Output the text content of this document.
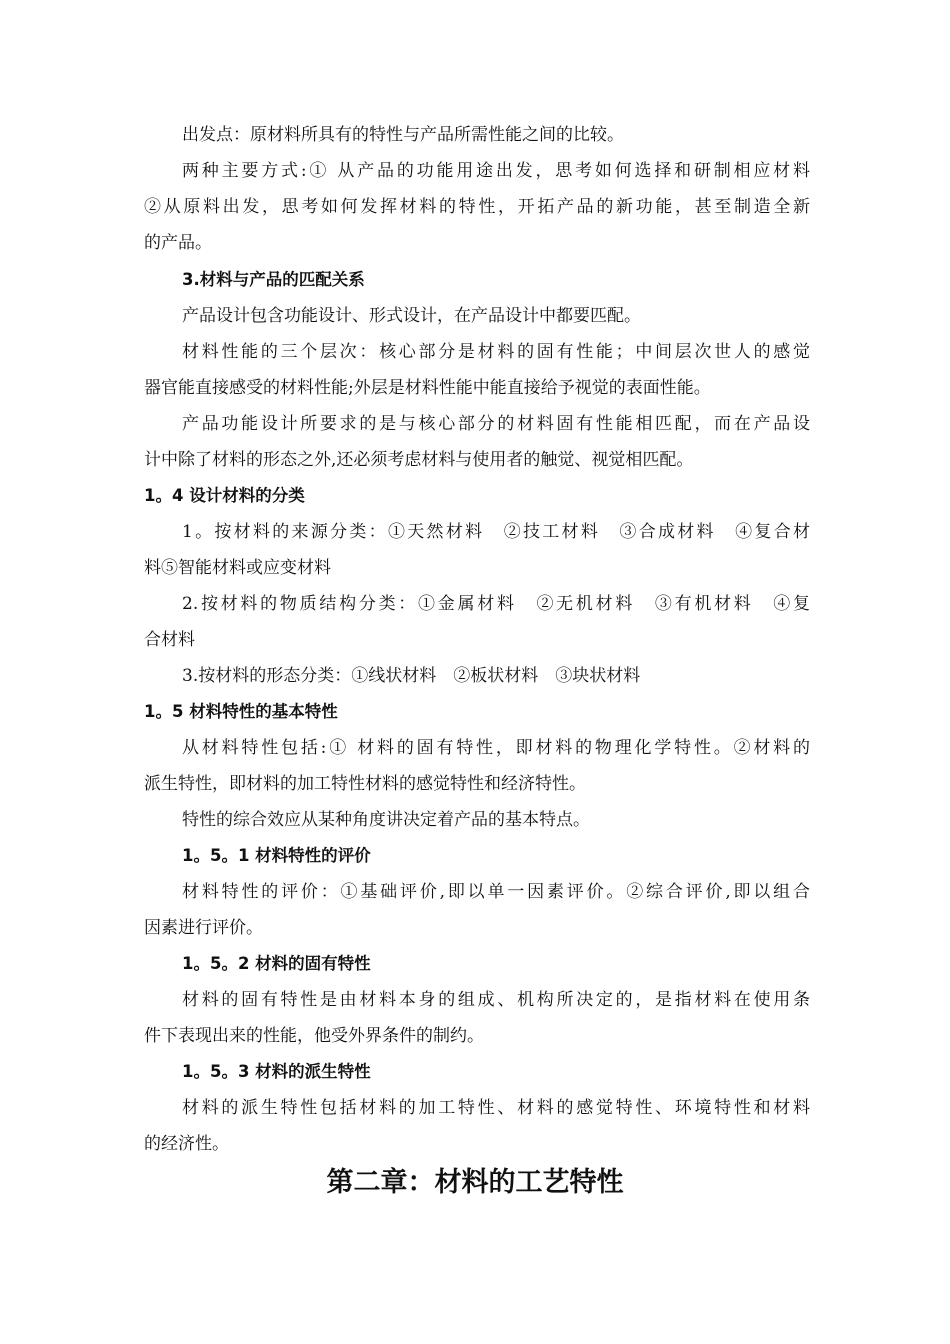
出发点：原材料所具有的特性与产品所需性能之间的比较。
两种主要方式:① 从产品的功能用途出发，思考如何选择和研制相应材料
②从原料出发，思考如何发挥材料的特性，开拓产品的新功能，甚至制造全新
的产品。
3.材料与产品的匹配关系
产品设计包含功能设计、形式设计，在产品设计中都要匹配。
材料性能的三个层次：核心部分是材料的固有性能；中间层次世人的感觉
器官能直接感受的材料性能;外层是材料性能中能直接给予视觉的表面性能。
产品功能设计所要求的是与核心部分的材料固有性能相匹配，而在产品设
计中除了材料的形态之外,还必须考虑材料与使用者的触觉、视觉相匹配。
1。4 设计材料的分类
1。按材料的来源分类：①天然材料　②技工材料　③合成材料　④复合材
料⑤智能材料或应变材料
2.按材料的物质结构分类：①金属材料　②无机材料　③有机材料　④复
合材料
3.按材料的形态分类：①线状材料　②板状材料　③块状材料
1。5 材料特性的基本特性
从材料特性包括:① 材料的固有特性，即材料的物理化学特性。②材料的
派生特性，即材料的加工特性材料的感觉特性和经济特性。
特性的综合效应从某种角度讲决定着产品的基本特点。
1。5。1 材料特性的评价
材料特性的评价：①基础评价,即以单一因素评价。②综合评价,即以组合
因素进行评价。
1。5。2 材料的固有特性
材料的固有特性是由材料本身的组成、机构所决定的，是指材料在使用条
件下表现出来的性能，他受外界条件的制约。
1。5。3 材料的派生特性
材料的派生特性包括材料的加工特性、材料的感觉特性、环境特性和材料
的经济性。
第二章：材料的工艺特性
